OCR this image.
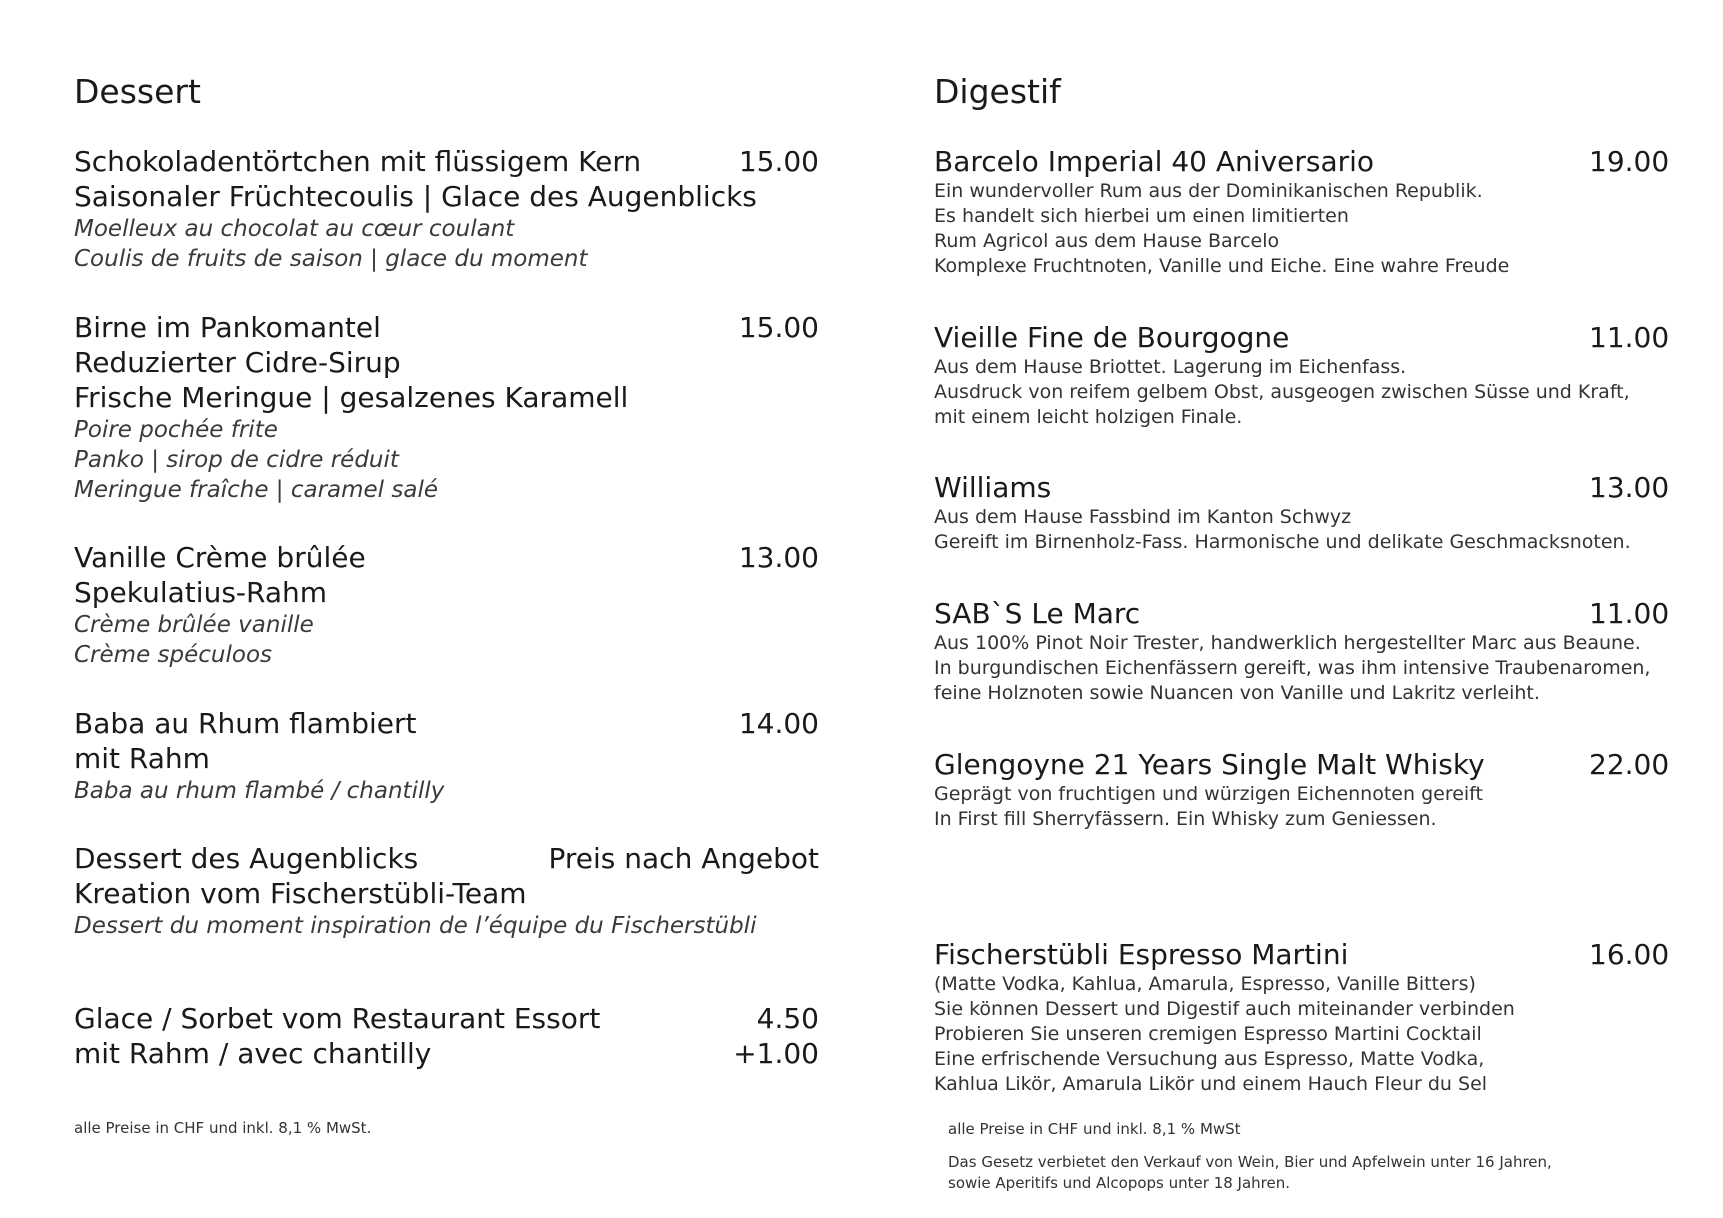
Dessert
Schokoladentörtchen mit flüssigem Kern
Saisonaler Früchtecoulis | Glace des Augenblicks
Moelleux au chocolat au cœur coulant
Coulis de fruits de saison | glace du moment
15.00
Birne im Pankomantel
Reduzierter Cidre-Sirup
Frische Meringue | gesalzenes Karamell
Poire pochée frite
Panko | sirop de cidre réduit
Meringue fraîche | caramel salé
15.00
Vanille Crème brûlée
Spekulatius-Rahm
Crème brûlée vanille
Crème spéculoos
13.00
Baba au Rhum flambiert
mit Rahm
Baba au rhum flambé / chantilly
14.00
Dessert des Augenblicks
Kreation vom Fischerstübli-Team
Dessert du moment inspiration de l’équipe du Fischerstübli
Preis nach Angebot
Glace / Sorbet vom Restaurant Essort
mit Rahm / avec chantilly
4.50
+1.00
alle Preise in CHF und inkl. 8,1 % MwSt.
Digestif
Barcelo Imperial 40 Aniversario
Ein wundervoller Rum aus der Dominikanischen Republik.
Es handelt sich hierbei um einen limitierten
Rum Agricol aus dem Hause Barcelo
Komplexe Fruchtnoten, Vanille und Eiche. Eine wahre Freude
19.00
Vieille Fine de Bourgogne
Aus dem Hause Briottet. Lagerung im Eichenfass.
Ausdruck von reifem gelbem Obst, ausgeogen zwischen Süsse und Kraft,
mit einem leicht holzigen Finale.
11.00
Williams
Aus dem Hause Fassbind im Kanton Schwyz
Gereift im Birnenholz-Fass. Harmonische und delikate Geschmacksnoten.
13.00
SAB`S Le Marc
Aus 100% Pinot Noir Trester, handwerklich hergestellter Marc aus Beaune.
In burgundischen Eichenfässern gereift, was ihm intensive Traubenaromen,
feine Holznoten sowie Nuancen von Vanille und Lakritz verleiht.
11.00
Glengoyne 21 Years Single Malt Whisky
Geprägt von fruchtigen und würzigen Eichennoten gereift
In First fill Sherryfässern. Ein Whisky zum Geniessen.
22.00
Fischerstübli Espresso Martini
(Matte Vodka, Kahlua, Amarula, Espresso, Vanille Bitters)
Sie können Dessert und Digestif auch miteinander verbinden
Probieren Sie unseren cremigen Espresso Martini Cocktail
Eine erfrischende Versuchung aus Espresso, Matte Vodka,
Kahlua Likör, Amarula Likör und einem Hauch Fleur du Sel
16.00
alle Preise in CHF und inkl. 8,1 % MwSt
Das Gesetz verbietet den Verkauf von Wein, Bier und Apfelwein unter 16 Jahren,
sowie Aperitifs und Alcopops unter 18 Jahren.
